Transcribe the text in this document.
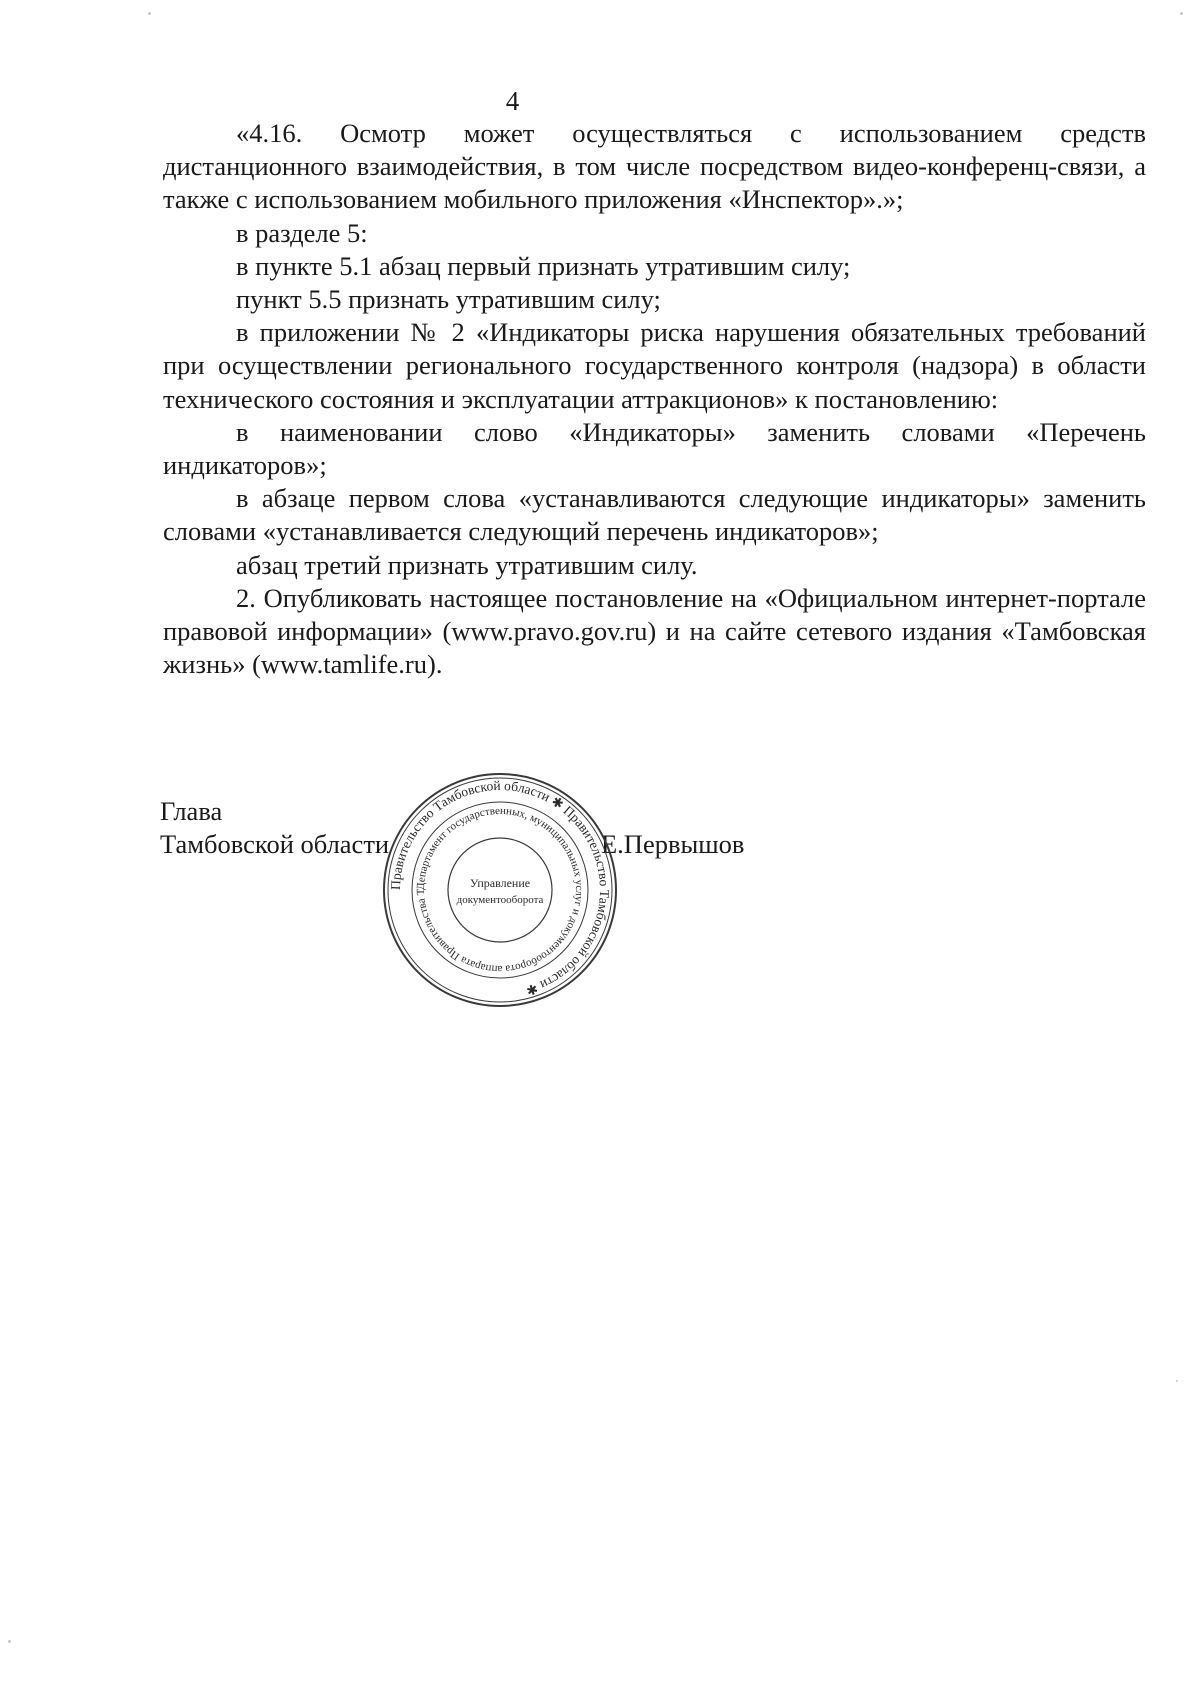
4

«4.16. Осмотр может осуществляться с использованием средств дистанционного взаимодействия, в том числе посредством видео-конференц-связи, а также с использованием мобильного приложения «Инспектор».»;

в разделе 5:

в пункте 5.1 абзац первый признать утратившим силу;

пункт 5.5 признать утратившим силу;

в приложении № 2 «Индикаторы риска нарушения обязательных требований при осуществлении регионального государственного контроля (надзора) в области технического состояния и эксплуатации аттракционов» к постановлению:

в наименовании слово «Индикаторы» заменить словами «Перечень индикаторов»;

в абзаце первом слова «устанавливаются следующие индикаторы» заменить словами «устанавливается следующий перечень индикаторов»;

абзац третий признать утратившим силу.

2. Опубликовать настоящее постановление на «Официальном интернет-портале правовой информации» (www.pravo.gov.ru) и на сайте сетевого издания «Тамбовская жизнь» (www.tamlife.ru).

Глава
Тамбовской области	Е.Первышов
Правительство Тамбовской области ✱ Правительство Тамбовской области ✱
Департамент государственных, муниципальных услуг и документооборота аппарата Правительства Т
Управление
документооборота
